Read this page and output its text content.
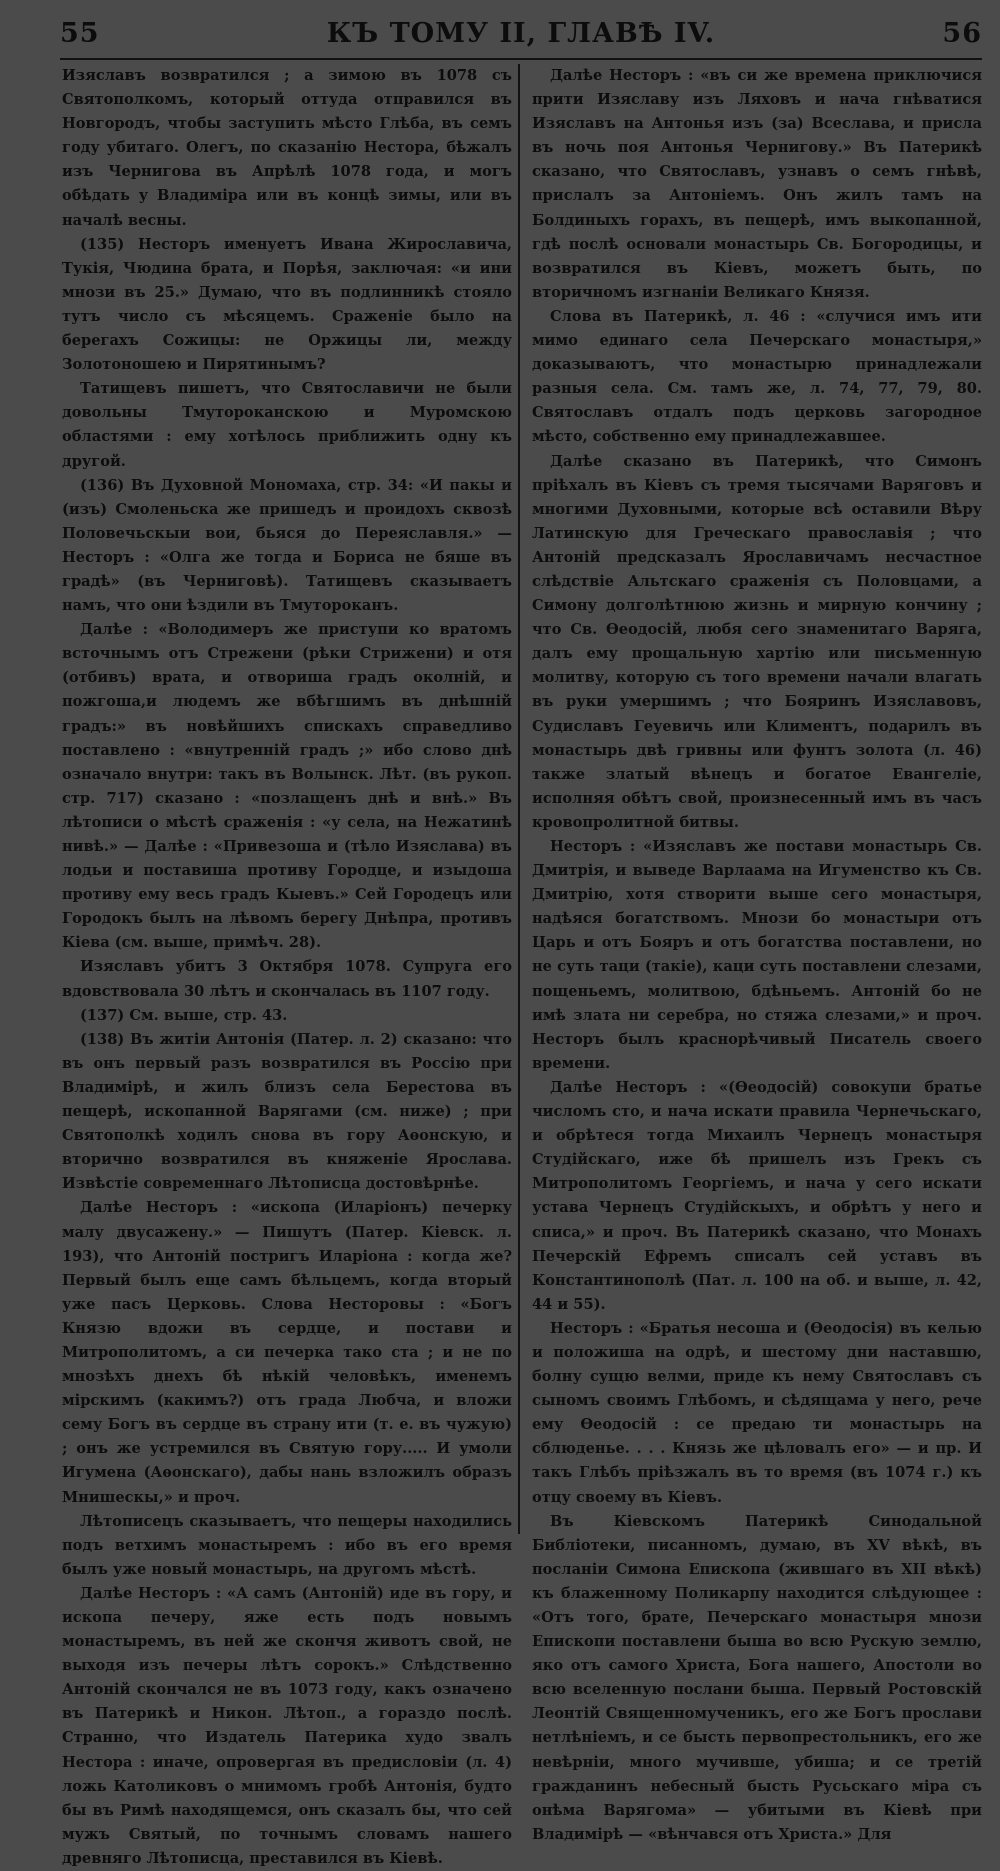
55	КЪ ТОМУ II, ГЛАВѢ IV.	56

Изяславъ возвратился ; а зимою въ 1078 съ Святополкомъ, который оттуда отправился въ Новгородъ, чтобы заступить мѣсто Глѣба, въ семъ году убитаго. Олегъ, по сказанію Нестора, бѣжалъ изъ Чернигова въ Апрѣлѣ 1078 года, и могъ обѣдать у Владиміра или въ концѣ зимы, или въ началѣ весны.

(135) Несторъ именуетъ Ивана Жирославича, Тукія, Чюдина брата, и Порѣя, заключая: «и ини мнози въ 25.» Думаю, что въ подлинникѣ стояло тутъ число съ мѣсяцемъ. Сраженіе было на берегахъ Сожицы: не Оржицы ли, между Золотоношею и Пирятинымъ?

Татищевъ пишетъ, что Святославичи не были довольны Тмутороканскою и Муромскою областями : ему хотѣлось приближить одну къ другой.

(136) Въ Духовной Мономаха, стр. 34: «И пакы и (изъ) Смоленьска же пришедъ и проидохъ сквозѣ Половечьскыи вои, бьяся до Переяславля.» — Несторъ : «Олга же тогда и Бориса не бяше въ градѣ» (въ Черниговѣ). Татищевъ сказываетъ намъ, что они ѣздили въ Тмутороканъ.

Далѣе : «Володимеръ же приступи ко вратомъ всточнымъ отъ Стрежени (рѣки Стрижени) и отя (отбивъ) врата, и отвориша градъ околній, и пожгоша,и людемъ же вбѣгшимъ въ днѣшній градъ:» въ новѣйшихъ спискахъ справедливо поставлено : «внутренній градъ ;» ибо слово днѣ означало внутри: такъ въ Волынск. Лѣт. (въ рукоп. стр. 717) сказано : «позлащенъ днѣ и внѣ.» Въ лѣтописи о мѣстѣ сраженія : «у села, на Нежатинѣ нивѣ.» — Далѣе : «Привезоша и (тѣло Изяслава) въ лодьи и поставиша противу Городце, и изыдоша противу ему весь градъ Кыевъ.» Сей Городецъ или Городокъ былъ на лѣвомъ берегу Днѣпра, противъ Кіева (см. выше, примѣч. 28).

Изяславъ убитъ 3 Октября 1078. Супруга его вдовствовала 30 лѣтъ и скончалась въ 1107 году.

(137) См. выше, стр. 43.

(138) Въ житіи Антонія (Патер. л. 2) сказано: что въ онъ первый разъ возвратился въ Россію при Владимірѣ, и жилъ близъ села Берестова въ пещерѣ, ископанной Варягами (см. ниже) ; при Святополкѣ ходилъ снова въ гору Аѳонскую, и вторично возвратился въ княженіе Ярослава. Извѣстіе современнаго Лѣтописца достовѣрнѣе.

Далѣе Несторъ : «ископа (Иларіонъ) печерку малу двусажену.» — Пишутъ (Патер. Кіевск. л. 193), что Антоній постригъ Иларіона : когда же? Первый былъ еще самъ бѣльцемъ, когда вторый уже пасъ Церковь. Слова Несторовы : «Богъ Князю вдожи въ сердце, и постави и Митрополитомъ, а си печерка тако ста ; и не по мнозѣхъ днехъ бѣ нѣкій человѣкъ, именемъ мірскимъ (какимъ?) отъ града Любча, и вложи сему Богъ въ сердце въ страну ити (т. е. въ чужую) ; онъ же устремился въ Святую гору..... И умоли Игумена (Аѳонскаго), дабы нань взложилъ образъ Мнишескы,» и проч.

Лѣтописецъ сказываетъ, что пещеры находились подъ ветхимъ монастыремъ : ибо въ его время былъ уже новый монастырь, на другомъ мѣстѣ.

Далѣе Несторъ : «А самъ (Антоній) иде въ гору, и ископа печеру, яже есть подъ новымъ монастыремъ, въ ней же скончя животъ свой, не выходя изъ печеры лѣтъ сорокъ.» Слѣдственно Антоній скончался не въ 1073 году, какъ означено въ Патерикѣ и Никон. Лѣтоп., а гораздо послѣ. Странно, что Издатель Патерика худо звалъ Нестора : иначе, опровергая въ предисловіи (л. 4) ложь Католиковъ о мнимомъ гробѣ Антонія, будто бы въ Римѣ находящемся, онъ сказалъ бы, что сей мужъ Святый, по точнымъ словамъ нашего древняго Лѣтописца, преставился въ Кіевѣ.

Далѣе Несторъ : «въ си же времена приключися прити Изяславу изъ Ляховъ и нача гнѣватися Изяславъ на Антонья изъ (за) Всеслава, и присла въ ночь поя Антонья Чернигову.» Въ Патерикѣ сказано, что Святославъ, узнавъ о семъ гнѣвѣ, прислалъ за Антоніемъ. Онъ жилъ тамъ на Болдиныхъ горахъ, въ пещерѣ, имъ выкопанной, гдѣ послѣ основали монастырь Св. Богородицы, и возвратился въ Кіевъ, можетъ быть, по вторичномъ изгнаніи Великаго Князя.

Слова въ Патерикѣ, л. 46 : «случися имъ ити мимо единаго села Печерскаго монастыря,» доказываютъ, что монастырю принадлежали разныя села. См. тамъ же, л. 74, 77, 79, 80. Святославъ отдалъ подъ церковь загородное мѣсто, собственно ему принадлежавшее.

Далѣе сказано въ Патерикѣ, что Симонъ пріѣхалъ въ Кіевъ съ тремя тысячами Варяговъ и многими Духовными, которые всѣ оставили Вѣру Латинскую для Греческаго православія ; что Антоній предсказалъ Ярославичамъ несчастное слѣдствіе Альтскаго сраженія съ Половцами, а Симону долголѣтнюю жизнь и мирную кончину ; что Св. Ѳеодосій, любя сего знаменитаго Варяга, далъ ему прощальную хартію или письменную молитву, которую съ того времени начали влагать въ руки умершимъ ; что Бояринъ Изяславовъ, Судиславъ Геуевичь или Климентъ, подарилъ въ монастырь двѣ гривны или фунтъ золота (л. 46) также златый вѣнецъ и богатое Евангеліе, исполняя обѣтъ свой, произнесенный имъ въ часъ кровопролитной битвы.

Несторъ : «Изяславъ же постави монастырь Св. Дмитрія, и выведе Варлаама на Игуменство къ Св. Дмитрію, хотя створити выше сего монастыря, надѣяся богатствомъ. Мнози бо монастыри отъ Царь и отъ Бояръ и отъ богатства поставлени, но не суть таци (такіе), каци суть поставлени слезами, пощеньемъ, молитвою, бдѣньемъ. Антоній бо не имѣ злата ни серебра, но стяжа слезами,» и проч. Несторъ былъ краснорѣчивый Писатель своего времени.

Далѣе Несторъ : «(Ѳеодосій) совокупи братье числомъ сто, и нача искати правила Чернечьскаго, и обрѣтеся тогда Михаилъ Чернецъ монастыря Студійскаго, иже бѣ пришелъ изъ Грекъ съ Митрополитомъ Георгіемъ, и нача у сего искати устава Чернецъ Студійскыхъ, и обрѣтъ у него и списа,» и проч. Въ Патерикѣ сказано, что Монахъ Печерскій Ефремъ списалъ сей уставъ въ Константинополѣ (Пат. л. 100 на об. и выше, л. 42, 44 и 55).

Несторъ : «Братья несоша и (Ѳеодосія) въ келью и положиша на одрѣ, и шестому дни наставшю, болну сущю велми, приде къ нему Святославъ съ сыномъ своимъ Глѣбомъ, и сѣдящама у него, рече ему Ѳеодосій : се предаю ти монастырь на сблюденье. . . . Князь же цѣловалъ его» — и пр. И такъ Глѣбъ пріѣзжалъ въ то время (въ 1074 г.) къ отцу своему въ Кіевъ.

Въ Кіевскомъ Патерикѣ Синодальной Библіотеки, писанномъ, думаю, въ XV вѣкѣ, въ посланіи Симона Епископа (жившаго въ XII вѣкѣ) къ блаженному Поликарпу находится слѣдующее : «Отъ того, брате, Печерскаго монастыря мнози Епископи поставлени быша во всю Рускую землю, яко отъ самого Христа, Бога нашего, Апостоли во всю вселенную послани быша. Первый Ростовскій Леонтій Священномученикъ, его же Богъ прослави нетлѣніемъ, и се бысть первопрестольникъ, его же невѣрніи, много мучивше, убиша; и се третій гражданинъ небесный бысть Русьскаго міра съ онѣма Варягома» — убитыми въ Кіевѣ при Владимірѣ — «вѣнчався отъ Христа.» Для
